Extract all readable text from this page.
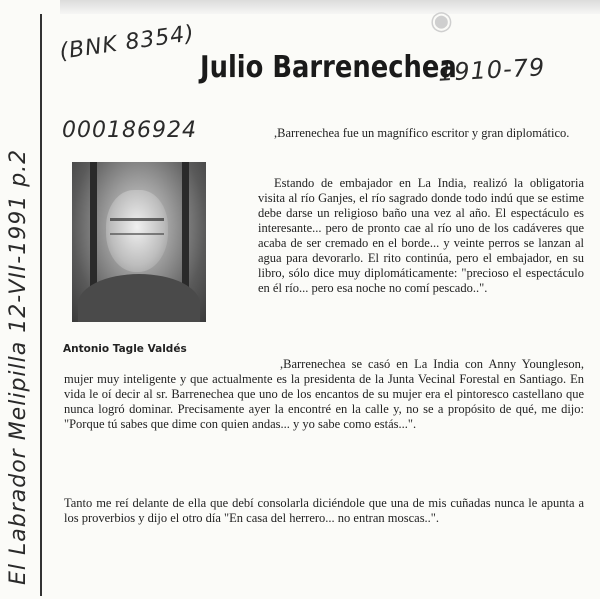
◉
(BNK 8354)
000186924
1910-79
El Labrador Melipilla 12-VII-1991 p.2
Julio Barrenechea
Antonio Tagle Valdés

,Barrenechea fue un magnífico escritor y gran diplomático.

Estando de embajador en La India, realizó la obligatoria visita al río Ganjes, el río sagrado donde todo indú que se estime debe darse un religioso baño una vez al año. El espectáculo es interesante... pero de pronto cae al río uno de los cadáveres que acaba de ser cremado en el borde... y veinte perros se lanzan al agua para devorarlo. El rito continúa, pero el embajador, en su libro, sólo dice muy diplomáticamente: "precioso el espectáculo en él río... pero esa noche no comí pescado..".

,Barrenechea se casó en La India con Anny Youngleson, mujer muy inteligente y que actualmente es la presidenta de la Junta Vecinal Forestal en Santiago. En vida le oí decir al sr. Barrenechea que uno de los encantos de su mujer era el pintoresco castellano que nunca logró dominar. Precisamente ayer la encontré en la calle y, no se a propósito de qué, me dijo: "Porque tú sabes que dime con quien andas... y yo sabe como estás...".

Tanto me reí delante de ella que debí consolarla diciéndole que una de mis cuñadas nunca le apunta a los proverbios y dijo el otro día "En casa del herrero... no entran moscas..".
